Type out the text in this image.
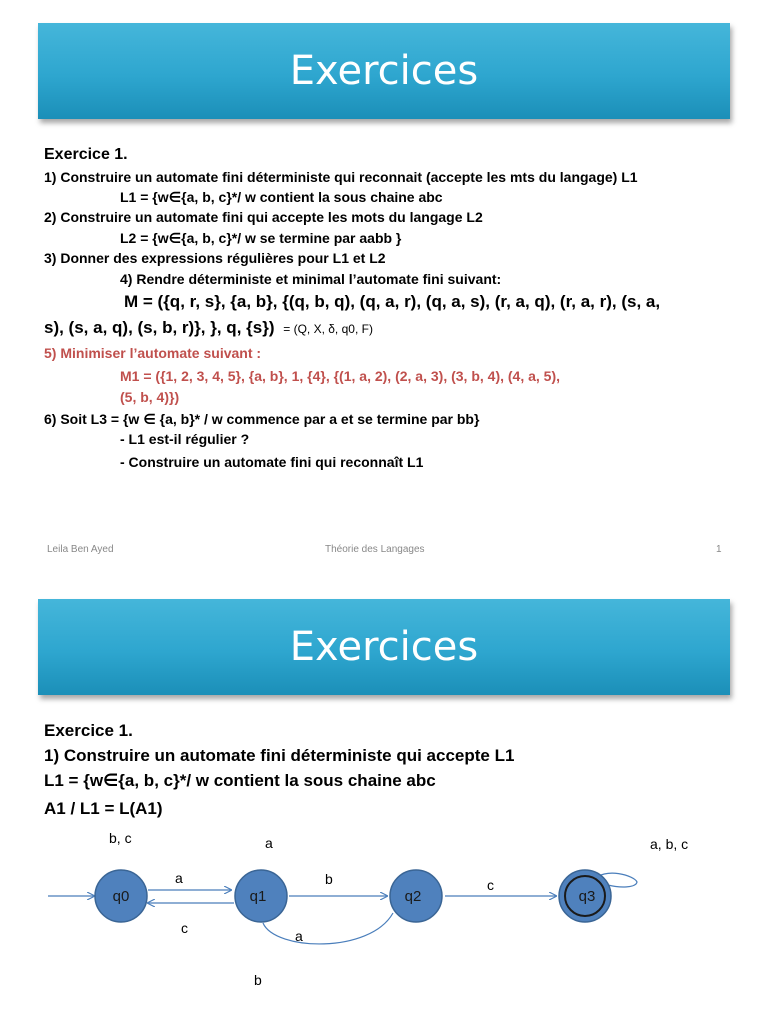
Exercices
Exercice 1.
1) Construire un automate fini déterministe qui reconnait (accepte les mts du langage) L1
L1 = {w∈{a, b, c}*/ w contient la sous chaine abc
2) Construire un automate fini qui accepte les mots du langage L2
L2 = {w∈{a, b, c}*/ w se termine par aabb }
3) Donner des expressions régulières pour L1 et L2
4) Rendre déterministe et minimal l’automate fini suivant:
M = ({q, r, s}, {a, b}, {(q, b, q), (q, a, r), (q, a, s), (r, a, q), (r, a, r), (s, a,
s), (s, a, q), (s, b, r)}, }, q, {s}) = (Q, X, δ, q0, F)
5) Minimiser l’automate suivant :
M1 = ({1, 2, 3, 4, 5}, {a, b}, 1, {4}, {(1, a, 2), (2, a, 3), (3, b, 4), (4, a, 5),
(5, b, 4)})
6) Soit L3 = {w ∈ {a, b}* / w commence par a et se termine par bb}
- L1 est-il régulier ?
- Construire un automate fini qui reconnaît L1
Leila Ben Ayed	Théorie des Langages	1
Exercices
Exercice 1.
1) Construire un automate fini déterministe qui accepte L1
L1 = {w∈{a, b, c}*/ w contient la sous chaine abc
A1 / L1 = L(A1)
b, c	a	a, b, c
a	b	c
c	a
b
q0	q1	q2	q3
